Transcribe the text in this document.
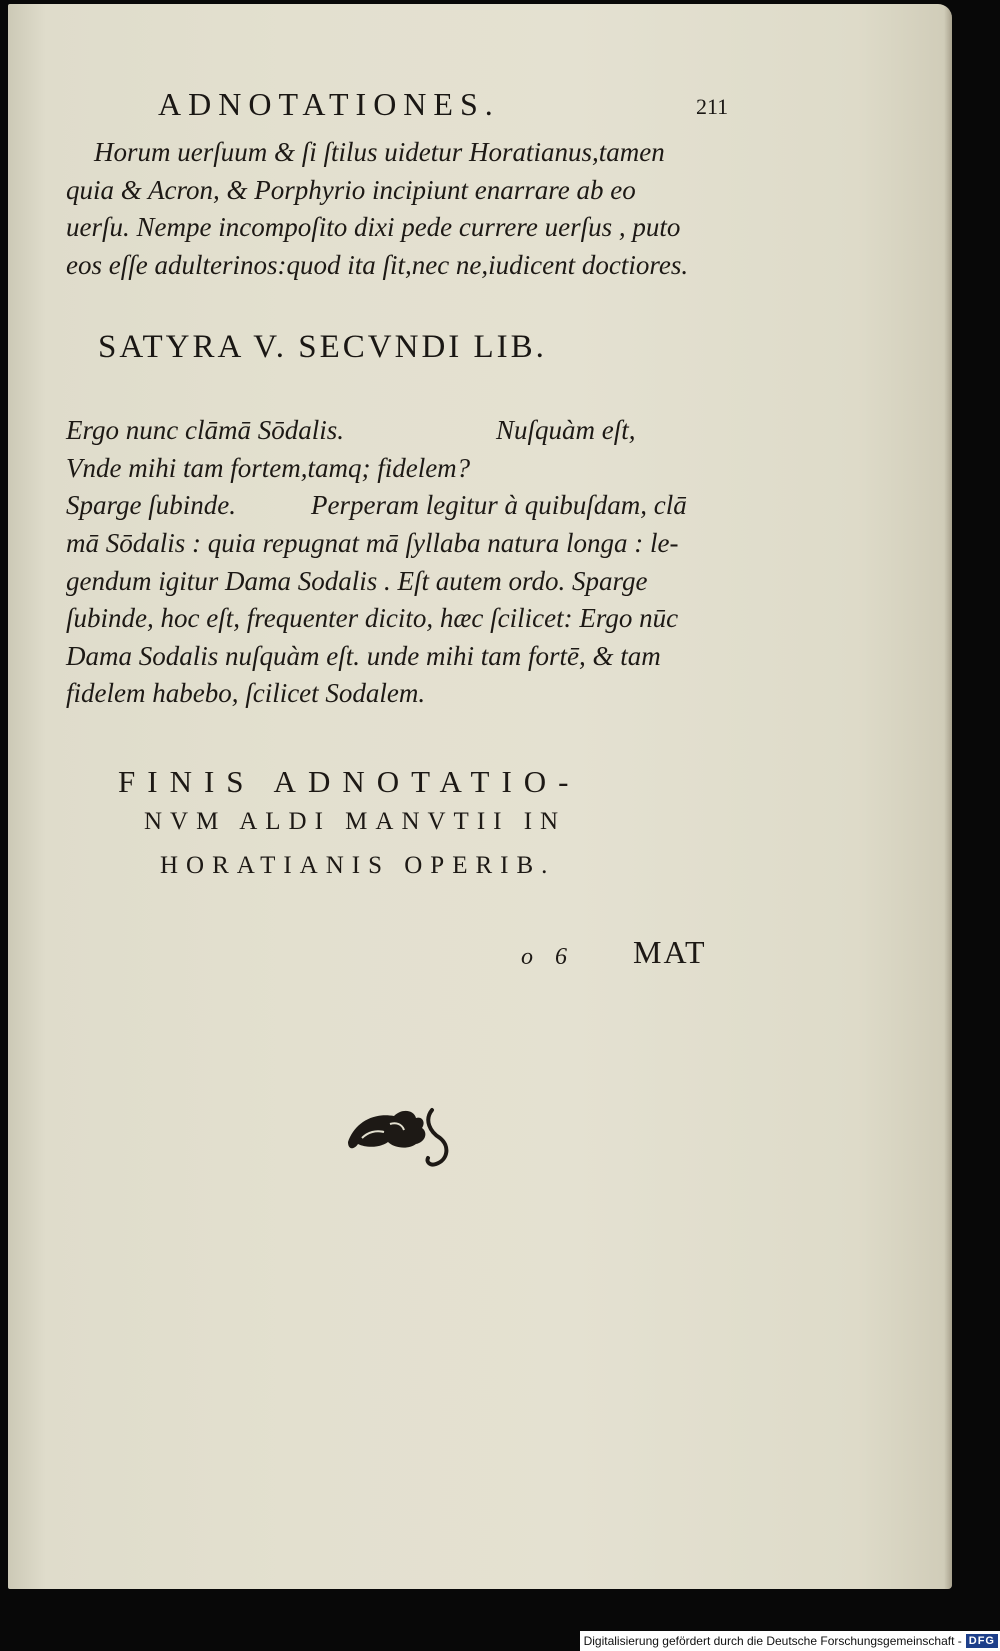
ADNOTATIONES.	211
Horum uerſuum & ſi ſtilus uidetur Horatianus,tamen
quia & Acron, & Porphyrio incipiunt enarrare ab eo
uerſu. Nempe incompoſito dixi pede currere uerſus , puto
eos eſſe adulterinos:quod ita ſit,nec ne,iudicent doctiores.
SATYRA V. SECVNDI LIB.
Ergo nunc clāmā Sōdalis.	Nuſquàm eſt,
Vnde mihi tam fortem,tamq; fidelem?
Sparge ſubinde.	Perperam legitur à quibuſdam, clā
mā Sōdalis : quia repugnat mā ſyllaba natura longa : le-
gendum igitur Dama Sodalis . Eſt autem ordo. Sparge
ſubinde, hoc eſt, frequenter dicito, hæc ſcilicet: Ergo nūc
Dama Sodalis nuſquàm eſt. unde mihi tam fortē, & tam
fidelem habebo, ſcilicet Sodalem.
FINIS ADNOTATIO-
NVM ALDI MANVTII IN
HORATIANIS OPERIB.
o 6 MAT
Digitalisierung gefördert durch die Deutsche Forschungsgemeinschaft - DFG
